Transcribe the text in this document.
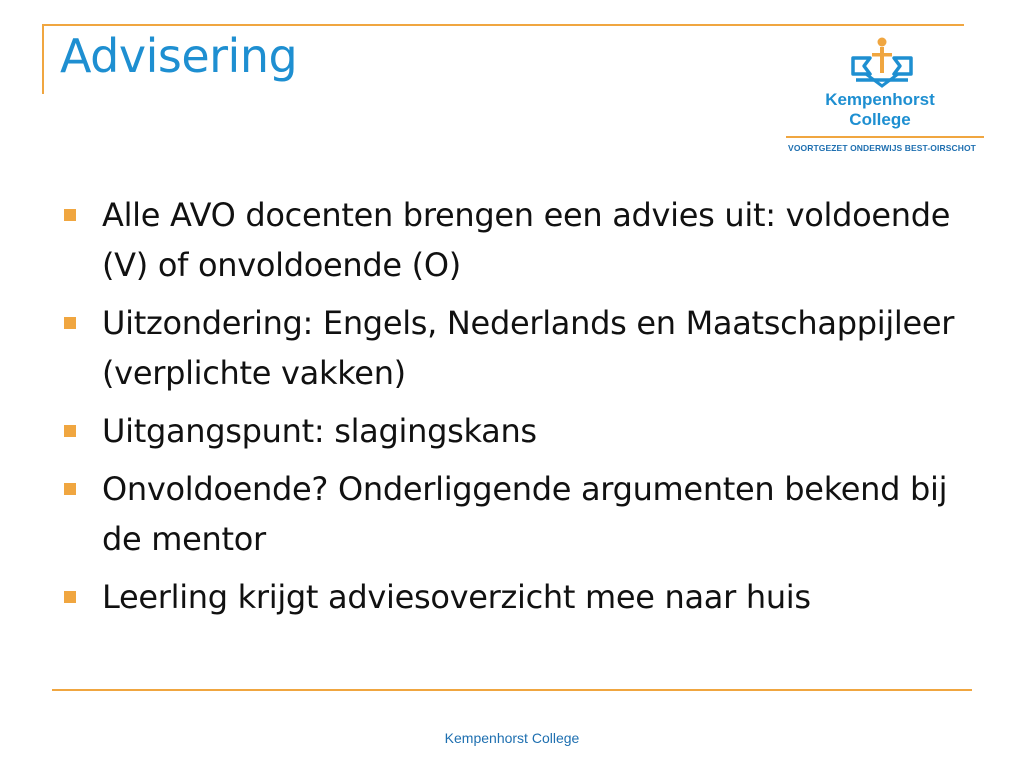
Advisering
Kempenhorst
College
VOORTGEZET ONDERWIJS BEST-OIRSCHOT
Alle AVO docenten brengen een advies uit: voldoende (V) of onvoldoende (O)
Uitzondering: Engels, Nederlands en Maatschappijleer (verplichte vakken)
Uitgangspunt: slagingskans
Onvoldoende? Onderliggende argumenten bekend bij de mentor
Leerling krijgt adviesoverzicht mee naar huis
Kempenhorst College
